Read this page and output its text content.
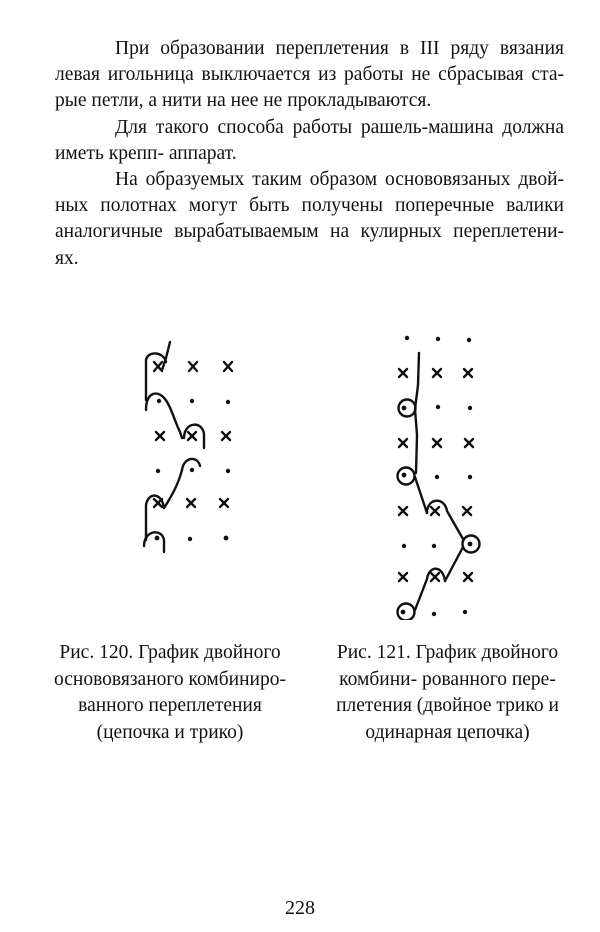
При образовании переплетения в III ряду вязания
левая игольница выключается из работы не сбрасывая ста-
рые петли, а нити на нее не прокладываются.

Для такого способа работы рашель-машина должна
иметь крепп- аппарат.

На образуемых таким образом основовязаных двой-
ных полотнах могут быть получены поперечные валики
аналогичные вырабатываемым на кулирных переплетени-
ях.

Рис. 120. График двойного
основовязаного комбиниро-
ванного переплетения
(цепочка и трико)
Рис. 121. График двойного
комбини- рованного пере-
плетения (двойное трико и
одинарная цепочка)
228
